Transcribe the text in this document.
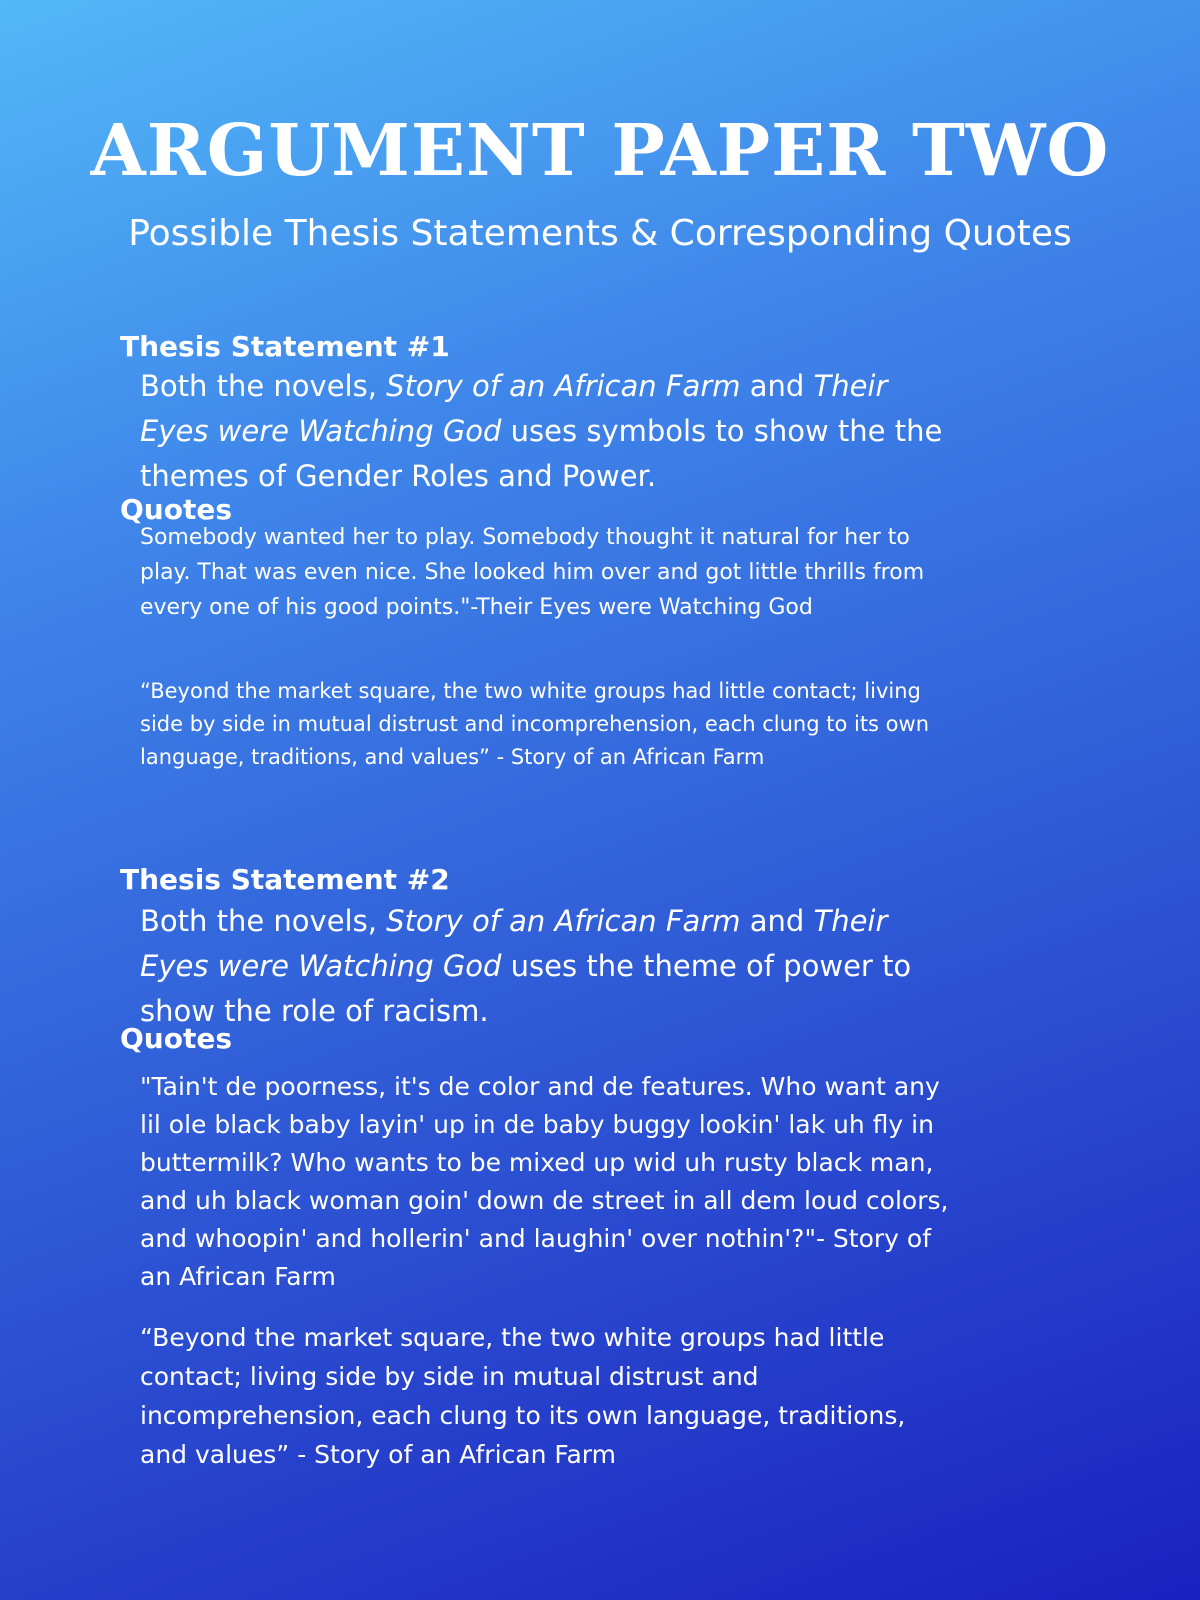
ARGUMENT PAPER TWO
Possible Thesis Statements & Corresponding Quotes
Thesis Statement #1

Both the novels, Story of an African Farm and Their Eyes were Watching God uses symbols to show the the themes of Gender Roles and Power.

Quotes

Somebody wanted her to play. Somebody thought it natural for her to play. That was even nice. She looked him over and got little thrills from every one of his good points."-Their Eyes were Watching God

“Beyond the market square, the two white groups had little contact; living side by side in mutual distrust and incomprehension, each clung to its own language, traditions, and values” - Story of an African Farm

Thesis Statement #2

Both the novels, Story of an African Farm and Their Eyes were Watching God uses the theme of power to show the role of racism.

Quotes

"Tain't de poorness, it's de color and de features. Who want any lil ole black baby layin' up in de baby buggy lookin' lak uh fly in buttermilk? Who wants to be mixed up wid uh rusty black man, and uh black woman goin' down de street in all dem loud colors, and whoopin' and hollerin' and laughin' over nothin'?"- Story of an African Farm

“Beyond the market square, the two white groups had little contact; living side by side in mutual distrust and incomprehension, each clung to its own language, traditions, and values” - Story of an African Farm
